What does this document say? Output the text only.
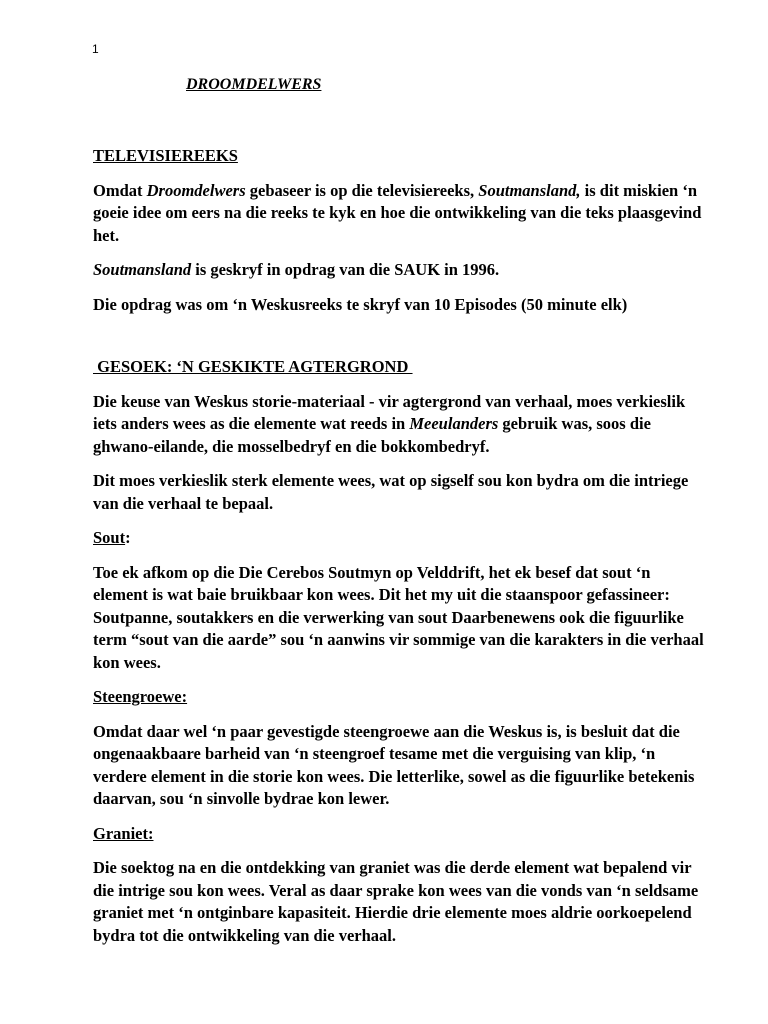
1
DROOMDELWERS
TELEVISIEREEKS

Omdat Droomdelwers gebaseer is op die televisiereeks, Soutmansland, is dit miskien ‘n goeie idee om eers na die reeks te kyk en hoe die ontwikkeling van die teks plaasgevind het.

Soutmansland is geskryf in opdrag van die SAUK in 1996.

Die opdrag was om ‘n Weskusreeks te skryf van 10 Episodes (50 minute elk)

GESOEK: ‘N GESKIKTE AGTERGROND

Die keuse van Weskus storie-materiaal - vir agtergrond van verhaal, moes verkieslik iets anders wees as die elemente wat reeds in Meeulanders gebruik was, soos die ghwano-eilande, die mosselbedryf en die bokkombedryf.

Dit moes verkieslik sterk elemente wees, wat op sigself sou kon bydra om die intriege van die verhaal te bepaal.

Sout:

Toe ek afkom op die Die Cerebos Soutmyn op Velddrift, het ek besef dat sout ‘n element is wat baie bruikbaar kon wees. Dit het my uit die staanspoor gefassineer: Soutpanne, soutakkers en die verwerking van sout Daarbenewens ook die figuurlike term “sout van die aarde” sou ‘n aanwins vir sommige van die karakters in die verhaal kon wees.

Steengroewe:

Omdat daar wel ‘n paar gevestigde steengroewe aan die Weskus is, is besluit dat die ongenaakbaare barheid van ‘n steengroef tesame met die verguising van klip, ‘n verdere element in die storie kon wees. Die letterlike, sowel as die figuurlike betekenis daarvan, sou ‘n sinvolle bydrae kon lewer.

Graniet:

Die soektog na en die ontdekking van graniet was die derde element wat bepalend vir die intrige sou kon wees. Veral as daar sprake kon wees van die vonds van ‘n seldsame graniet met ‘n ontginbare kapasiteit. Hierdie drie elemente moes aldrie oorkoepelend bydra tot die ontwikkeling van die verhaal.
